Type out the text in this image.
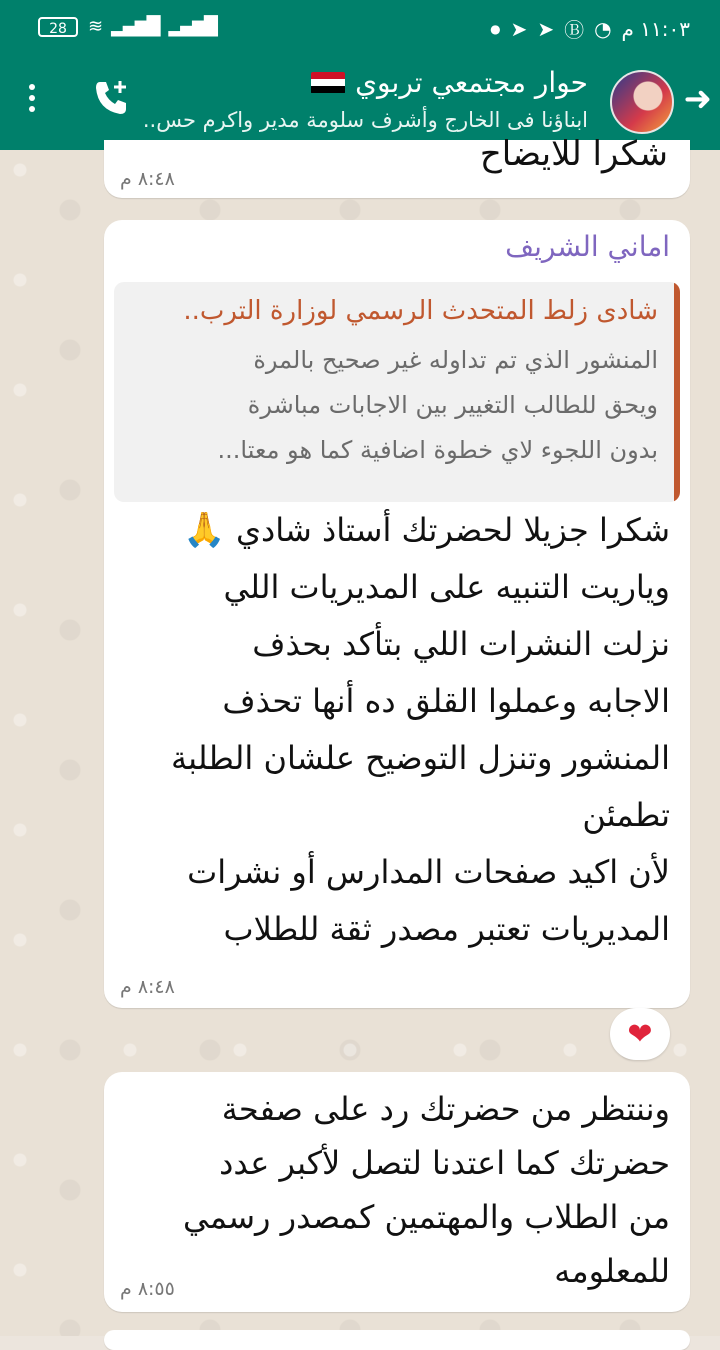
28	≋ ▂▄▆█ ▂▄▆█	١١:٠٣ م
◔
Ⓑ
➤
➤
●
حوار مجتمعي تربوي
ابناؤنا فى الخارج وأشرف سلومة مدير واكرم حس..
➜
شكرا للايضاح
٨:٤٨ م
اماني الشريف
شادى زلط المتحدث الرسمي لوزارة الترب..
المنشور الذي تم تداوله غير صحيح بالمرة
ويحق للطالب التغيير بين الاجابات مباشرة
بدون اللجوء لاي خطوة اضافية كما هو معتا...

شكرا جزيلا لحضرتك أستاذ شادي 🙏

وياريت التنبيه على المديريات اللي

نزلت النشرات اللي بتأكد بحذف

الاجابه وعملوا القلق ده أنها تحذف

المنشور وتنزل التوضيح علشان الطلبة

تطمئن

لأن اكيد صفحات المدارس أو نشرات

المديريات تعتبر مصدر ثقة للطلاب

٨:٤٨ م
❤

وننتظر من حضرتك رد على صفحة

حضرتك كما اعتدنا لتصل لأكبر عدد

من الطلاب والمهتمين كمصدر رسمي

للمعلومه

٨:٥٥ م
